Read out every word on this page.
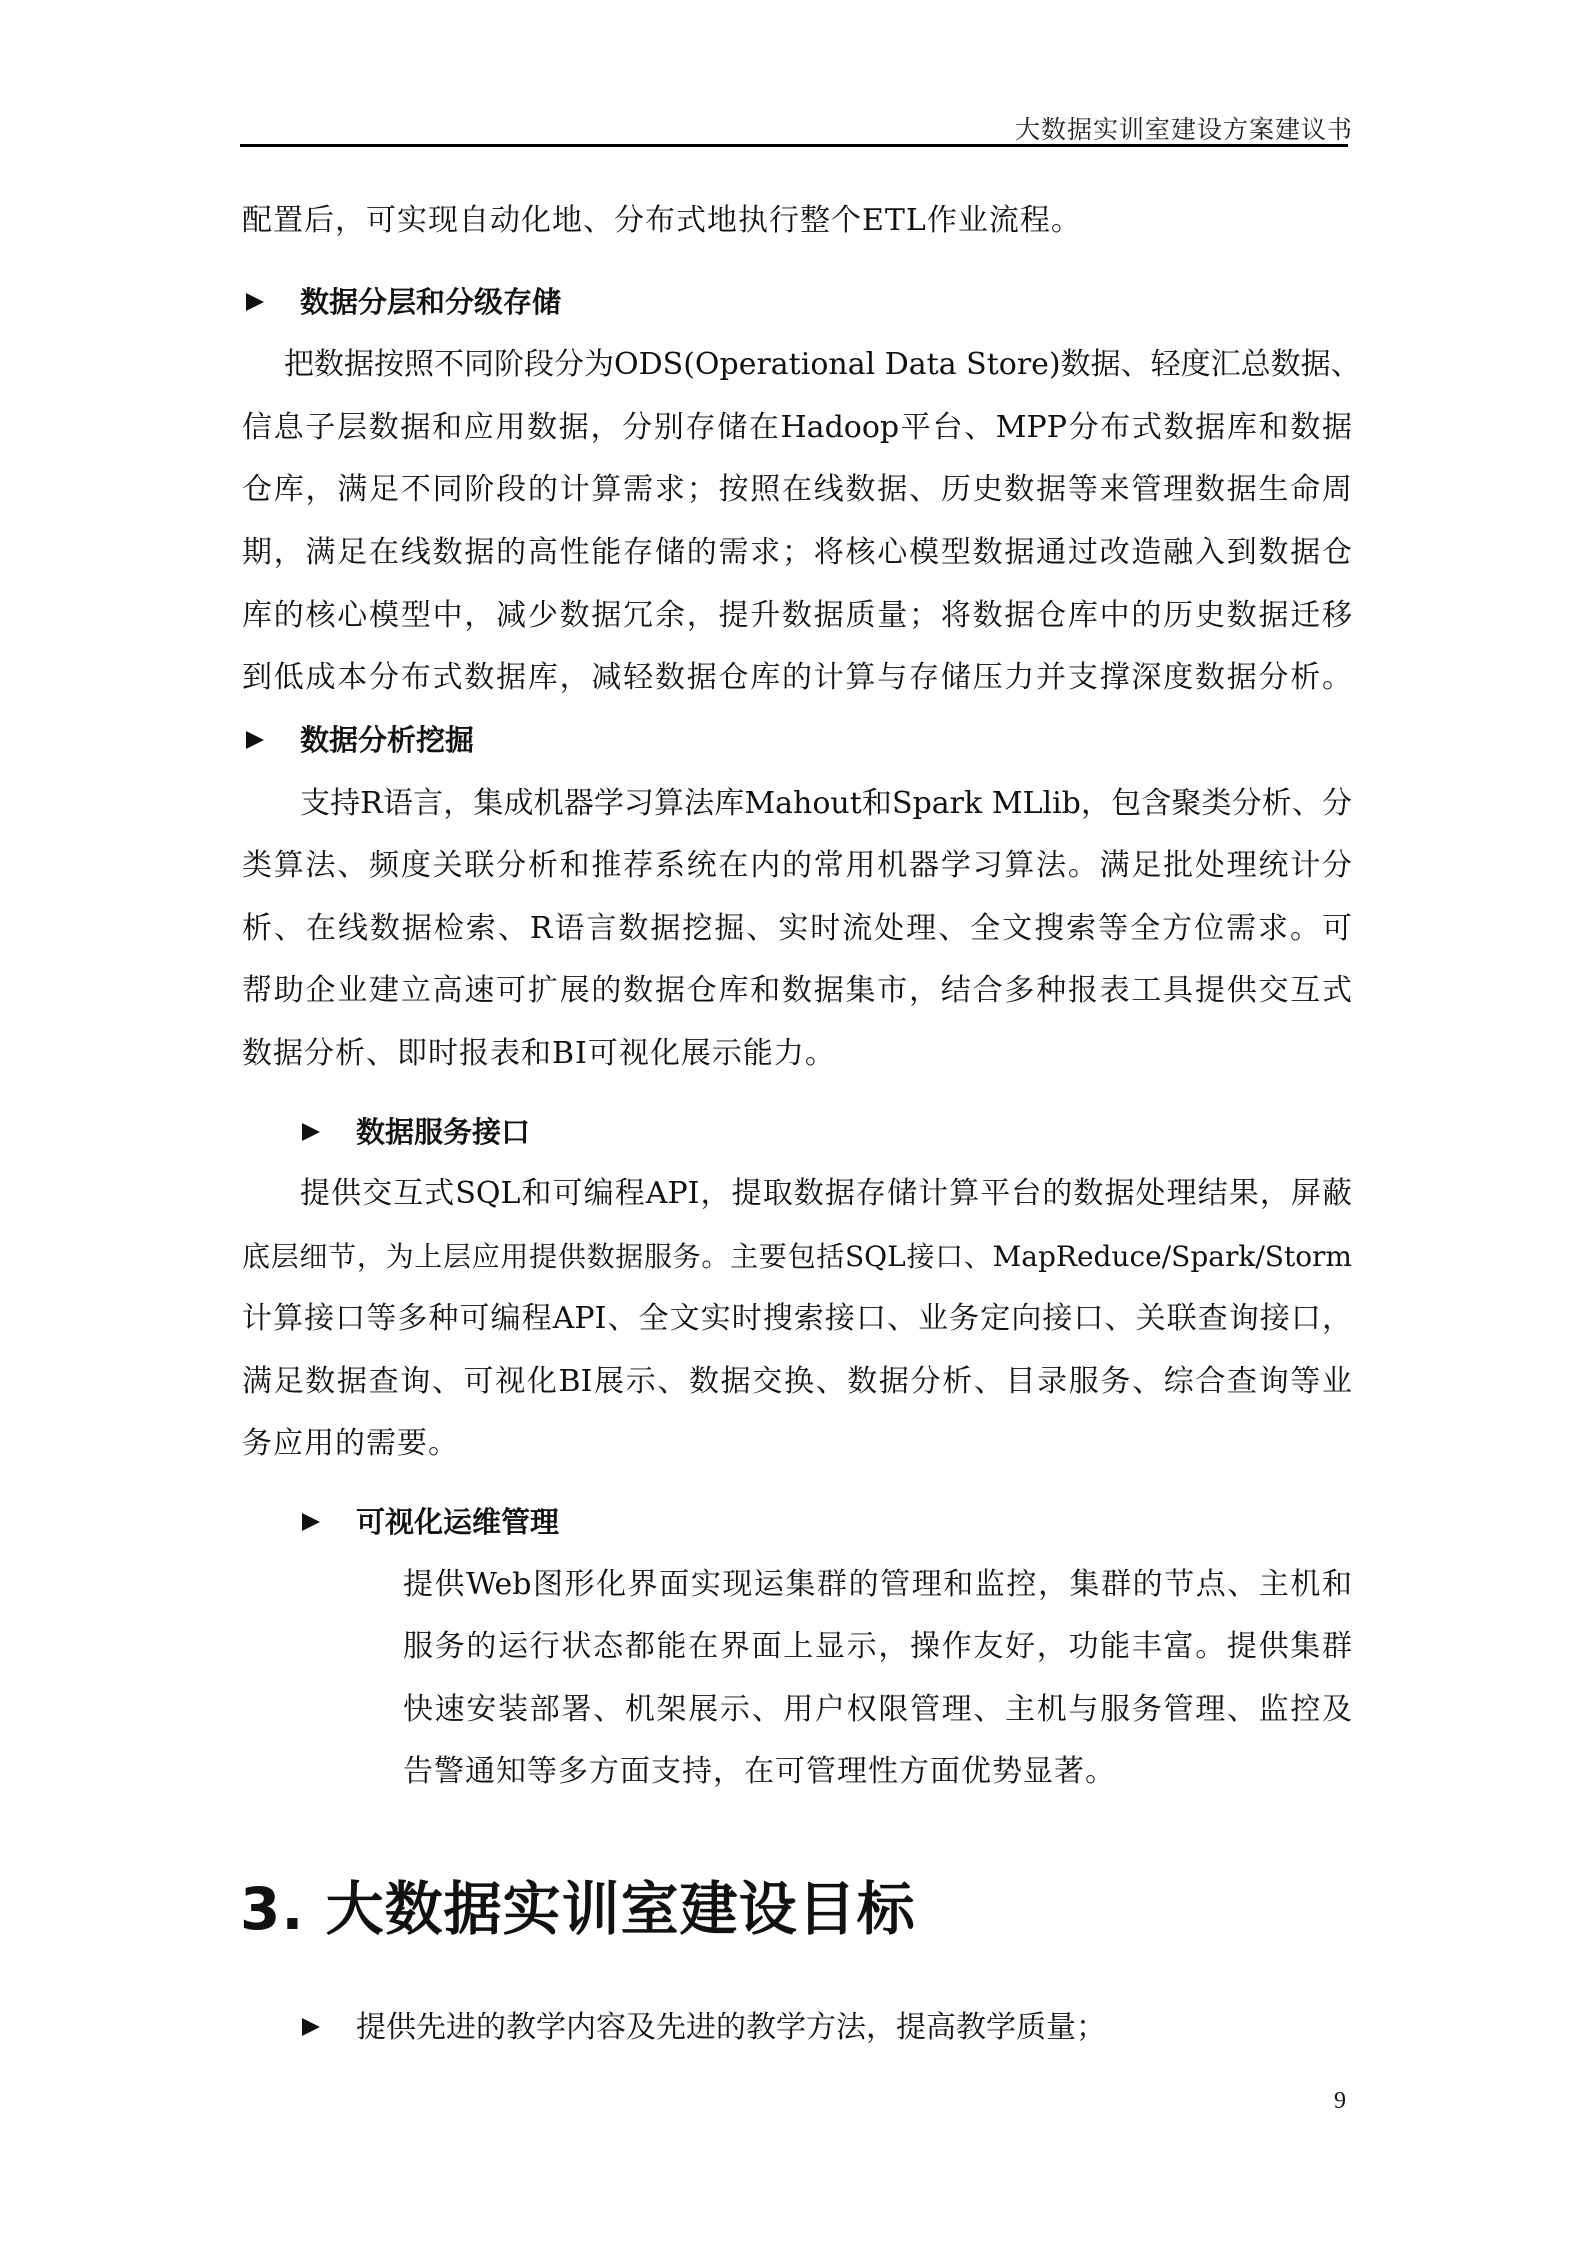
大数据实训室建设方案建议书
配置后，可实现自动化地、分布式地执行整个ETL作业流程。
数据分层和分级存储
把数据按照不同阶段分为ODS(Operational Data Store)数据、轻度汇总数据、
信息子层数据和应用数据，分别存储在Hadoop平台、MPP分布式数据库和数据
仓库，满足不同阶段的计算需求；按照在线数据、历史数据等来管理数据生命周
期，满足在线数据的高性能存储的需求；将核心模型数据通过改造融入到数据仓
库的核心模型中，减少数据冗余，提升数据质量；将数据仓库中的历史数据迁移
到低成本分布式数据库，减轻数据仓库的计算与存储压力并支撑深度数据分析。
数据分析挖掘
支持R语言，集成机器学习算法库Mahout和Spark MLlib，包含聚类分析、分
类算法、频度关联分析和推荐系统在内的常用机器学习算法。满足批处理统计分
析、在线数据检索、R语言数据挖掘、实时流处理、全文搜索等全方位需求。可
帮助企业建立高速可扩展的数据仓库和数据集市，结合多种报表工具提供交互式
数据分析、即时报表和BI可视化展示能力。
数据服务接口
提供交互式SQL和可编程API，提取数据存储计算平台的数据处理结果，屏蔽
底层细节，为上层应用提供数据服务。主要包括SQL接口、MapReduce/Spark/Storm
计算接口等多种可编程API、全文实时搜索接口、业务定向接口、关联查询接口，
满足数据查询、可视化BI展示、数据交换、数据分析、目录服务、综合查询等业
务应用的需要。
可视化运维管理
提供Web图形化界面实现运集群的管理和监控，集群的节点、主机和
服务的运行状态都能在界面上显示，操作友好，功能丰富。提供集群
快速安装部署、机架展示、用户权限管理、主机与服务管理、监控及
告警通知等多方面支持，在可管理性方面优势显著。
3. 大数据实训室建设目标
提供先进的教学内容及先进的教学方法，提高教学质量；
9
